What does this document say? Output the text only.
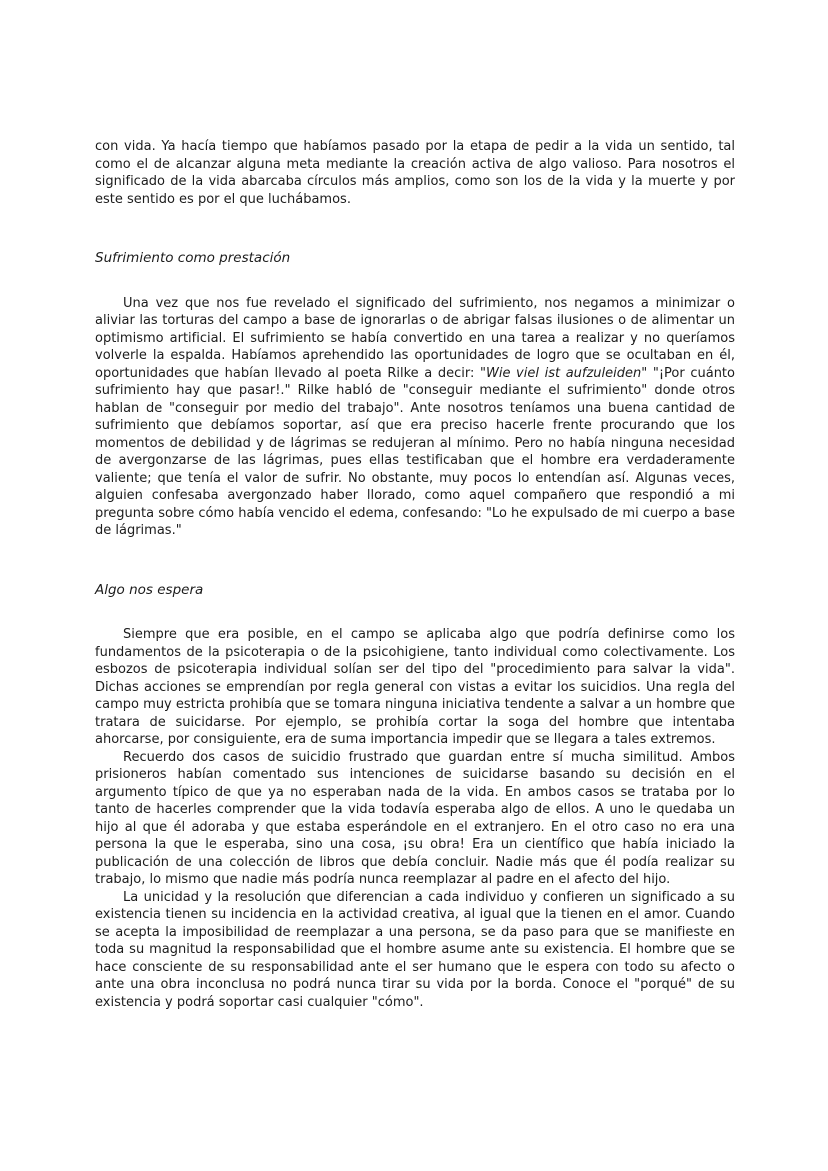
con vida. Ya hacía tiempo que habíamos pasado por la etapa de pedir a la vida un sentido, tal como el de alcanzar alguna meta mediante la creación activa de algo valioso. Para nosotros el significado de la vida abarcaba círculos más amplios, como son los de la vida y la muerte y por este sentido es por el que luchábamos.

Sufrimiento como prestación

Una vez que nos fue revelado el significado del sufrimiento, nos negamos a minimizar o aliviar las torturas del campo a base de ignorarlas o de abrigar falsas ilusiones o de alimentar un optimismo artificial. El sufrimiento se había convertido en una tarea a realizar y no queríamos volverle la espalda. Habíamos aprehendido las oportunidades de logro que se ocultaban en él, oportunidades que habían llevado al poeta Rilke a decir: "Wie viel ist aufzuleiden" "¡Por cuánto sufrimiento hay que pasar!." Rilke habló de "conseguir mediante el sufrimiento" donde otros hablan de "conseguir por medio del trabajo". Ante nosotros teníamos una buena cantidad de sufrimiento que debíamos soportar, así que era preciso hacerle frente procurando que los momentos de debilidad y de lágrimas se redujeran al mínimo. Pero no había ninguna necesidad de avergonzarse de las lágrimas, pues ellas testificaban que el hombre era verdaderamente valiente; que tenía el valor de sufrir. No obstante, muy pocos lo entendían así. Algunas veces, alguien confesaba avergonzado haber llorado, como aquel compañero que respondió a mi pregunta sobre cómo había vencido el edema, confesando: "Lo he expulsado de mi cuerpo a base de lágrimas."

Algo nos espera

Siempre que era posible, en el campo se aplicaba algo que podría definirse como los fundamentos de la psicoterapia o de la psicohigiene, tanto individual como colectivamente. Los esbozos de psicoterapia individual solían ser del tipo del "procedimiento para salvar la vida". Dichas acciones se emprendían por regla general con vistas a evitar los suicidios. Una regla del campo muy estricta prohibía que se tomara ninguna iniciativa tendente a salvar a un hombre que tratara de suicidarse. Por ejemplo, se prohibía cortar la soga del hombre que intentaba ahorcarse, por consiguiente, era de suma importancia impedir que se llegara a tales extremos.

Recuerdo dos casos de suicidio frustrado que guardan entre sí mucha similitud. Ambos prisioneros habían comentado sus intenciones de suicidarse basando su decisión en el argumento típico de que ya no esperaban nada de la vida. En ambos casos se trataba por lo tanto de hacerles comprender que la vida todavía esperaba algo de ellos. A uno le quedaba un hijo al que él adoraba y que estaba esperándole en el extranjero. En el otro caso no era una persona la que le esperaba, sino una cosa, ¡su obra! Era un científico que había iniciado la publicación de una colección de libros que debía concluir. Nadie más que él podía realizar su trabajo, lo mismo que nadie más podría nunca reemplazar al padre en el afecto del hijo.

La unicidad y la resolución que diferencian a cada individuo y confieren un significado a su existencia tienen su incidencia en la actividad creativa, al igual que la tienen en el amor. Cuando se acepta la imposibilidad de reemplazar a una persona, se da paso para que se manifieste en toda su magnitud la responsabilidad que el hombre asume ante su existencia. El hombre que se hace consciente de su responsabilidad ante el ser humano que le espera con todo su afecto o ante una obra inconclusa no podrá nunca tirar su vida por la borda. Conoce el "porqué" de su existencia y podrá soportar casi cualquier "cómo".
